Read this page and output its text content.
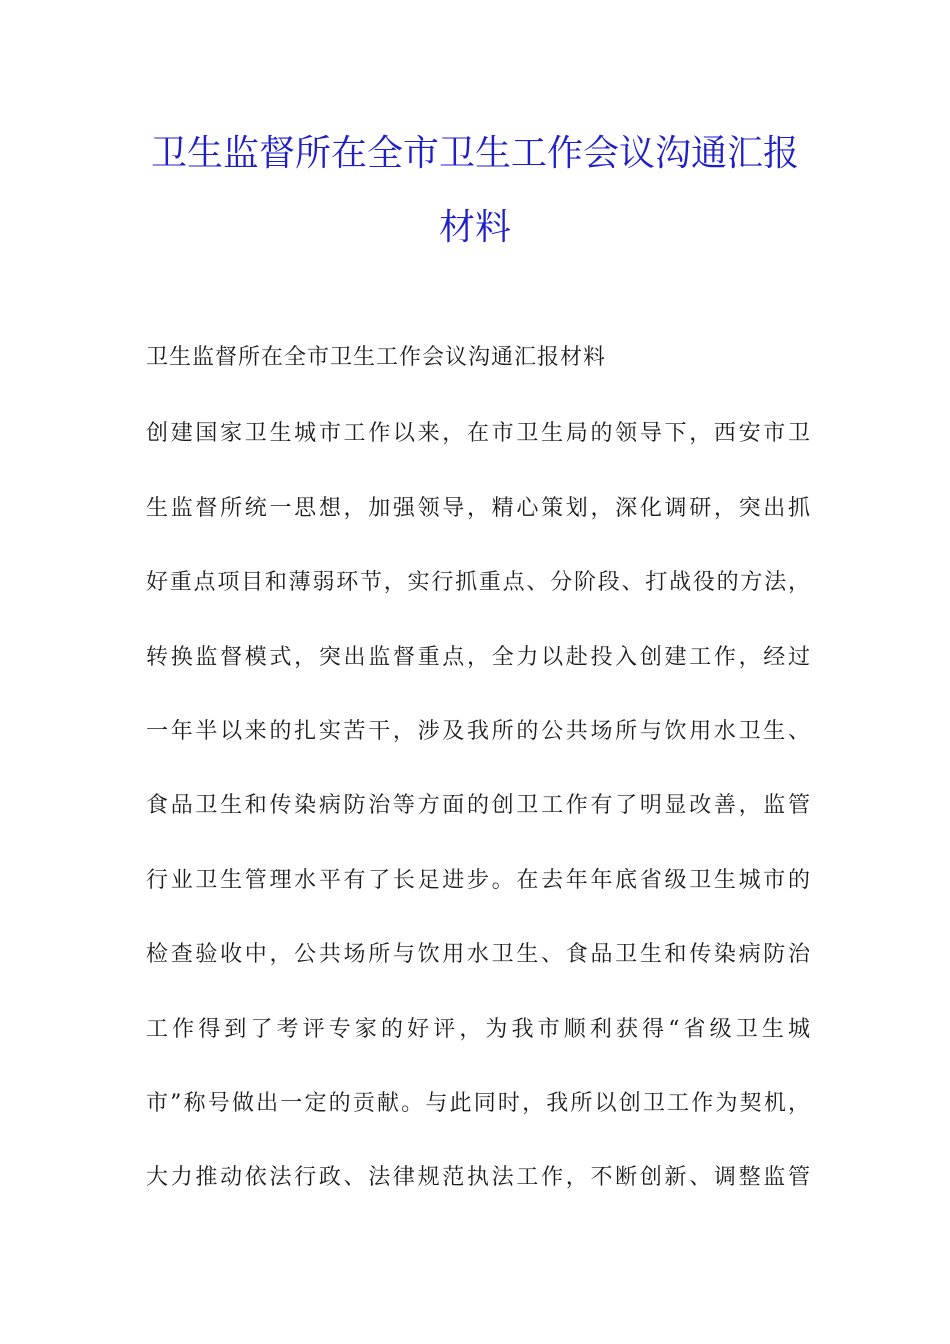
卫生监督所在全市卫生工作会议沟通汇报
材料

卫生监督所在全市卫生工作会议沟通汇报材料

创建国家卫生城市工作以来，在市卫生局的领导下，西安市卫

生监督所统一思想，加强领导，精心策划，深化调研，突出抓

好重点项目和薄弱环节，实行抓重点、分阶段、打战役的方法，

转换监督模式，突出监督重点，全力以赴投入创建工作，经过

一年半以来的扎实苦干，涉及我所的公共场所与饮用水卫生、

食品卫生和传染病防治等方面的创卫工作有了明显改善，监管

行业卫生管理水平有了长足进步。在去年年底省级卫生城市的

检查验收中，公共场所与饮用水卫生、食品卫生和传染病防治

工作得到了考评专家的好评，为我市顺利获得“省级卫生城

市”称号做出一定的贡献。与此同时，我所以创卫工作为契机，

大力推动依法行政、法律规范执法工作，不断创新、调整监管
